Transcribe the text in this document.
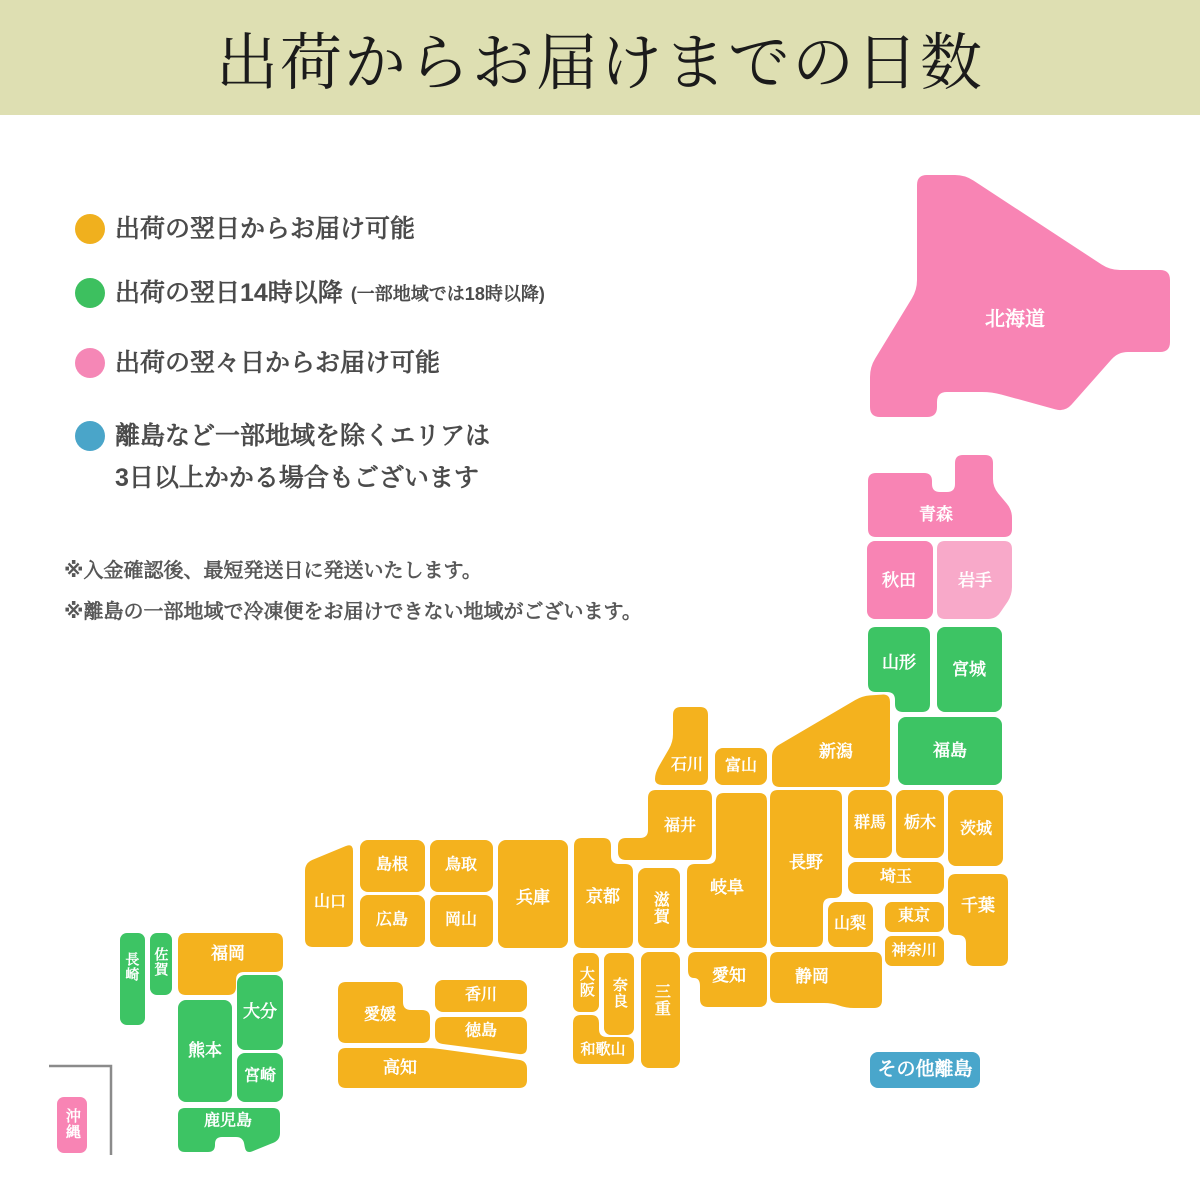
出荷からお届けまでの日数
出荷の翌日からお届け可能
出荷の翌日14時以降 (一部地域では18時以降)
出荷の翌々日からお届け可能
離島など一部地域を除くエリアは
3日以上かかる場合もございます
※入金確認後、最短発送日に発送いたします。
※離島の一部地域で冷凍便をお届けできない地域がございます。
北海道
青森
秋田 岩手
山形 宮城
福島
新潟
群馬 栃木 茨城
埼玉
千葉
東京
神奈川
長野
山梨
石川 富山
福井
岐阜
静岡
愛知
滋賀
京都
兵庫
大阪 奈良
和歌山
三重
鳥取
島根
岡山
広島
山口
香川
愛媛
徳島
高知
福岡
佐賀
長崎
大分
熊本
宮崎
鹿児島
沖縄
その他離島
